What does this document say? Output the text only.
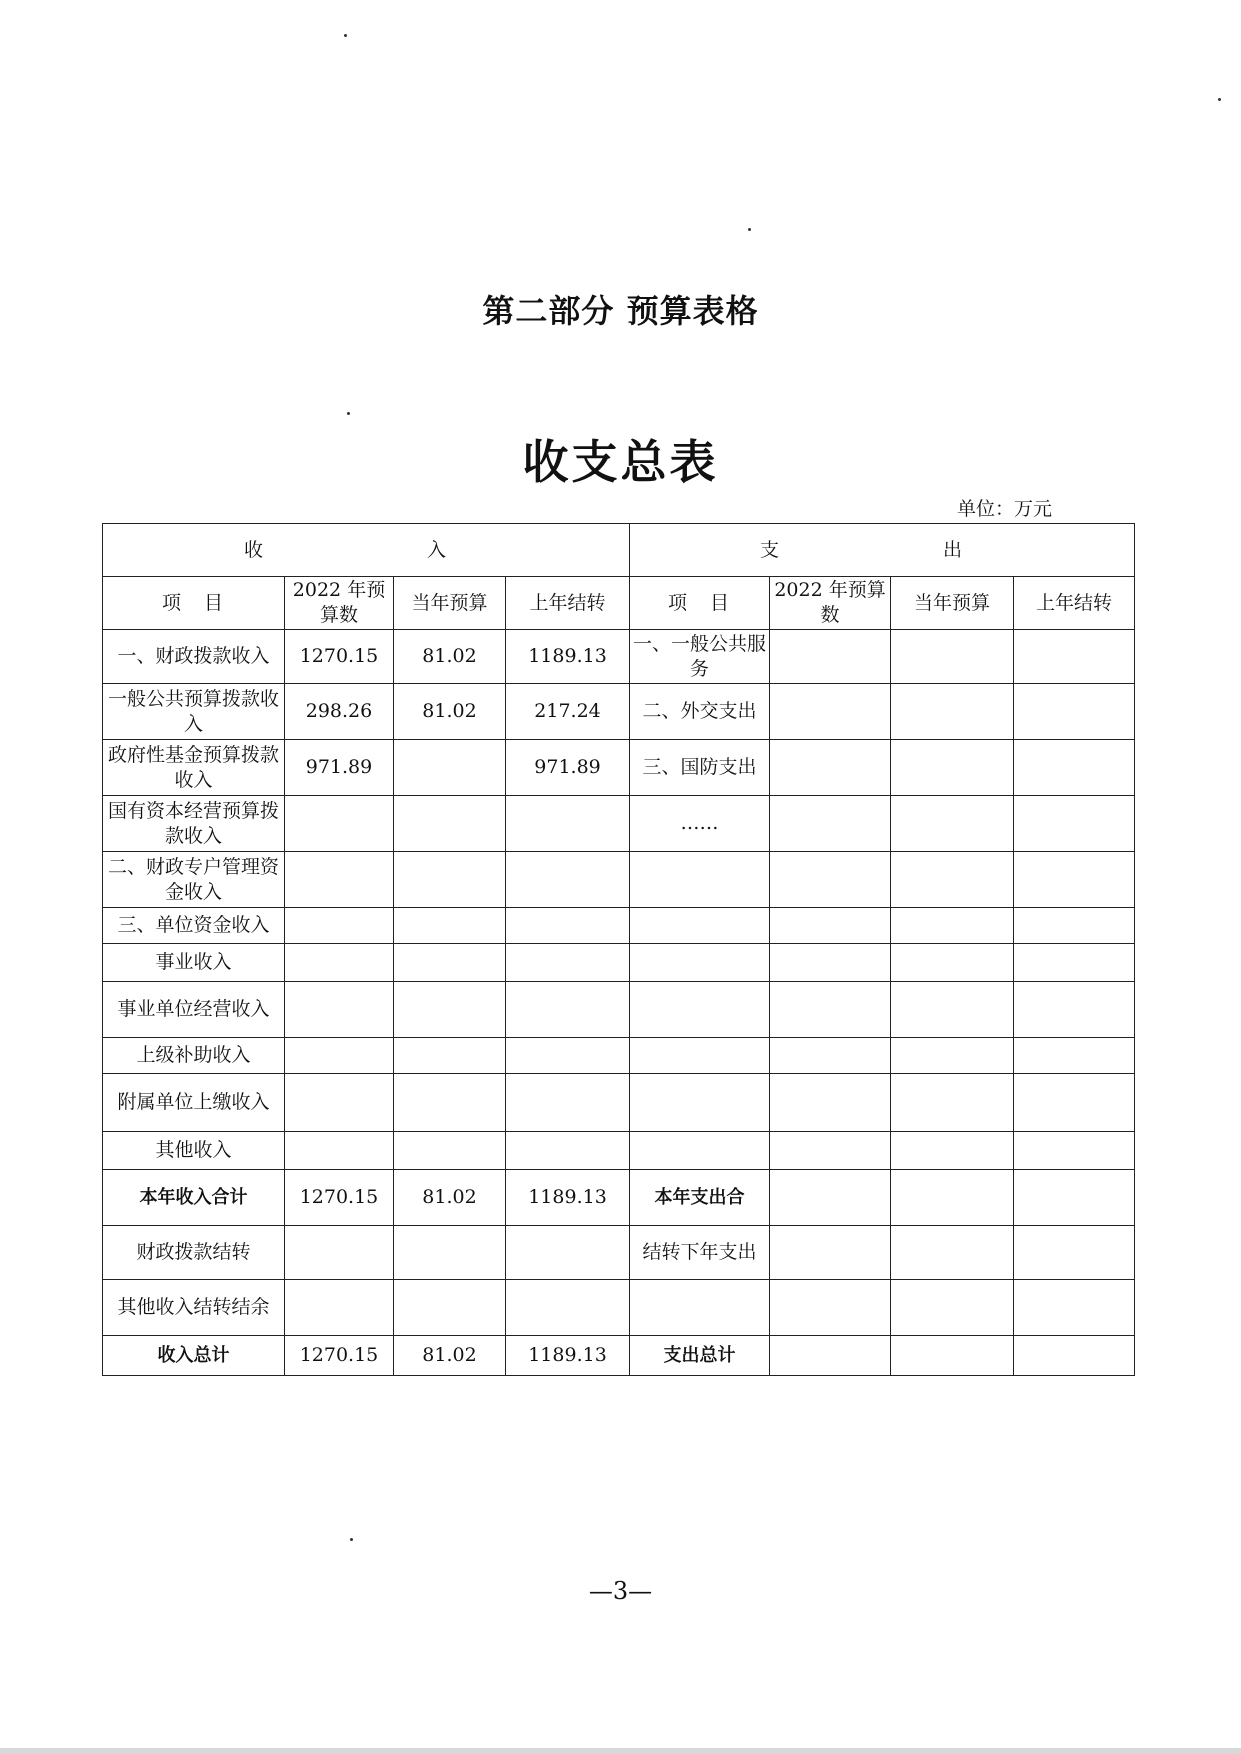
第二部分 预算表格
收支总表
单位：万元
收　　入				支　　出			
项　目	2022 年预算数	当年预算	上年结转	项　目	2022 年预算数	当年预算	上年结转
一、财政拨款收入	1270.15	81.02	1189.13	一、一般公共服务			
一般公共预算拨款收入	298.26	81.02	217.24	二、外交支出			
政府性基金预算拨款收入	971.89		971.89	三、国防支出			
国有资本经营预算拨款收入				……			
二、财政专户管理资金收入							
三、单位资金收入							
事业收入							
事业单位经营收入							
上级补助收入							
附属单位上缴收入							
其他收入							
本年收入合计	1270.15	81.02	1189.13	本年支出合			
财政拨款结转				结转下年支出			
其他收入结转结余							
收入总计	1270.15	81.02	1189.13	支出总计			
—3—
